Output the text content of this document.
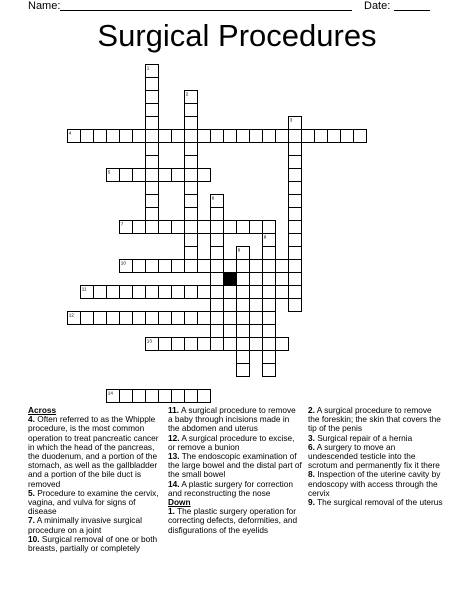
Name:	Date:
Surgical Procedures
1
2
3
4
5
6
7
8
9
10
11
12
13
14
Across
4. Often referred to as the Whipple procedure, is the most common operation to treat pancreatic cancer in which the head of the pancreas, the duodenum, and a portion of the stomach, as well as the gallbladder and a portion of the bile duct is removed
5. Procedure to examine the cervix, vagina, and vulva for signs of disease
7. A minimally invasive surgical procedure on a joint
10. Surgical removal of one or both breasts, partially or completely
11. A surgical procedure to remove a baby through incisions made in the abdomen and uterus
12. A surgical procedure to excise, or remove a bunion
13. The endoscopic examination of the large bowel and the distal part of the small bowel
14. A plastic surgery for correction and reconstructing the nose
Down
1. The plastic surgery operation for correcting defects, deformities, and disfigurations of the eyelids
2. A surgical procedure to remove the foreskin; the skin that covers the tip of the penis
3. Surgical repair of a hernia
6. A surgery to move an undescended testicle into the scrotum and permanently fix it there
8. Inspection of the uterine cavity by endoscopy with access through the cervix
9. The surgical removal of the uterus
